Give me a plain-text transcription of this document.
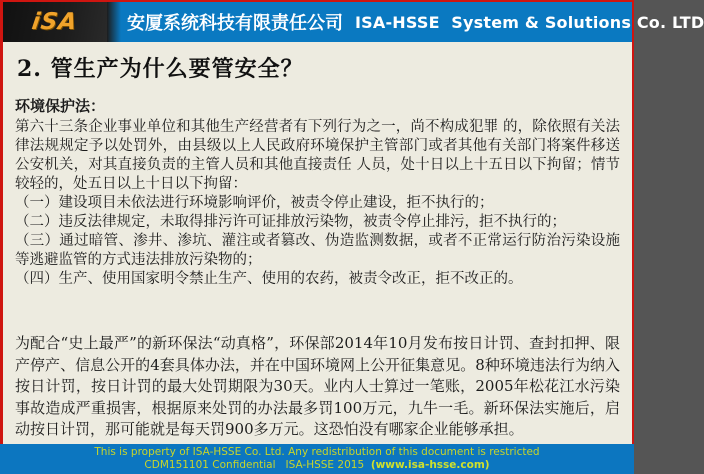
iSA	安厦系统科技有限责任公司 ISA-HSSE  System & Solutions Co. LTD
2. 管生产为什么要管安全？

环境保护法：

第六十三条企业事业单位和其他生产经营者有下列行为之一，尚不构成犯罪 的，除依照有关法律法规规定予以处罚外，由县级以上人民政府环境保护主管部门或者其他有关部门将案件移送公安机关，对其直接负责的主管人员和其他直接责任 人员，处十日以上十五日以下拘留；情节较轻的，处五日以上十日以下拘留：

（一）建设项目未依法进行环境影响评价，被责令停止建设，拒不执行的；

（二）违反法律规定，未取得排污许可证排放污染物，被责令停止排污，拒不执行的；

（三）通过暗管、渗井、渗坑、灌注或者篡改、伪造监测数据，或者不正常运行防治污染设施等逃避监管的方式违法排放污染物的；

（四）生产、使用国家明令禁止生产、使用的农药，被责令改正，拒不改正的。

为配合“史上最严”的新环保法“动真格”，环保部2014年10月发布按日计罚、查封扣押、限产停产、信息公开的4套具体办法，并在中国环境网上公开征集意见。8种环境违法行为纳入按日计罚，按日计罚的最大处罚期限为30天。业内人士算过一笔账，2005年松花江水污染事故造成严重损害，根据原来处罚的办法最多罚100万元，九牛一毛。新环保法实施后，启动按日计罚，那可能就是每天罚900多万元。这恐怕没有哪家企业能够承担。

This is property of ISA-HSSE Co. Ltd. Any redistribution of this document is restricted
CDM151101 Confidential   ISA-HSSE 2015  (www.isa-hsse.com)
